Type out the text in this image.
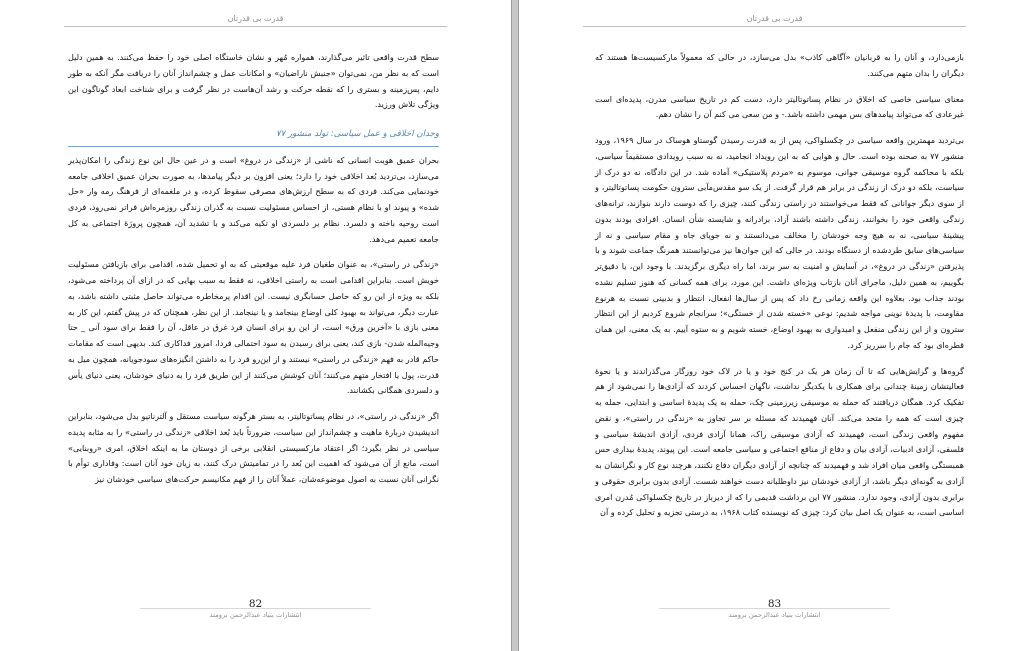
قدرت بی قدرتان

سطح قدرت واقعی تاثیر می‌گذارند، همواره مُهر و نشان خاستگاه اصلی خود را حفظ می‌کنند. به همین دلیل است که به نظر من، نمی‌توان «جنبش ناراضیان» و امکانات عمل و چشم‌انداز آنان را دریافت مگر آنکه به طور دایم، پس‌زمینه و بستری را که نقطه حرکت و رشد آن‌هاست در نظر گرفت و برای شناخت ابعاد گوناگون این ویژگی تلاش ورزید.

وجدان اخلاقی و عمل سیاسی: تولد منشور ۷۷

بحران عمیق هویت انسانی که ناشی از «زندگی در دروغ» است و در عین حال این نوع زندگی را امکان‌پذیر می‌سازد، بی‌تردید بُعد اخلاقی خود را دارد؛ یعنی افزون بر دیگر پیامدها، به صورت بحران عمیق اخلاقی جامعه خودنمایی می‌کند. فردی که به سطح ارزش‌های مصرفی سقوط کرده، و در ملغمه‌ای از فرهنگ رمه وار «حل شده» و پیوند او با نظام هستی، از احساس مسئولیت نسبت به گذران زندگی روزمره‌اش فراتر نمی‌رود، فردی است روحیه باخته و دلسرد. نظام بر دلسردی او تکیه می‌کند و با تشدید آن، همچون پروژۀ اجتماعی به کل جامعه تعمیم می‌دهد.

«زندگی در راستی»، به عنوان طغیان فرد علیه موقعیتی که به او تحمیل شده، اقدامی برای بازیافتن مسئولیت خویش است. بنابراین اقدامی است به راستی اخلاقی، نه فقط به سبب بهایی که در ازای آن پرداخته می‌شود، بلکه به ویژه از این رو که حاصل حسابگری نیست. این اقدام پرمخاطره می‌تواند حاصل مثبتی داشته باشد، به عبارت دیگر، می‌تواند به بهبود کلی اوضاع بینجامد و یا نینجامد. از این نظر، همچنان که در پیش گفتم، این کار به معنی بازی با «آخرین ورق» است، از این رو برای انسان فرد غرق در عاقل، آن را فقط برای سود آنی _ حتا وجیه‌المله شدن- بازی کند، یعنی برای رسیدن به سود احتمالی فردا، امروز فداکاری کند. بدیهی است که مقامات حاکم قادر به فهم «زندگی در راستی» نیستند و از این‌رو فرد را به داشتن انگیزه‌های سودجویانه، همچون میل به قدرت، پول یا افتخار متهم می‌کنند؛ آنان کوشش می‌کنند از این طریق فرد را به دنیای خودشان، یعنی دنیای یأس و دلسردی همگانی بکشانند.

اگر «زندگی در راستی»، در نظام پساتوتالیتر، به بستر هرگونه سیاست مستقل و آلترناتیو بدل می‌شود، بنابراین اندیشیدن دربارۀ ماهیت و چشم‌انداز این سیاست، ضرورتاً باید بُعد اخلاقی «زندگی در راستی» را به مثابه پدیده سیاسی در نظر بگیرد؛ اگر اعتقاد مارکسیستی انقلابی برخی از دوستان ما به اینکه اخلاق، امری «روبنایی» است، مانع از آن می‌شود که اهمیت این بُعد را در تمامیتش درک کنند، به زیان خود آنان است: وفاداری توأم با نگرانی آنان نسبت به اصول موضوعه‌شان، عملاً آنان را از فهم مکانیسم حرکت‌های سیاسی خودشان نیز

82
انتشارات بنیاد عبدالرحمن برومند
قدرت بی قدرتان

بازمی‌دارد، و آنان را به قربانیان «آگاهی کاذب» بدل می‌سازد، در حالی که معمولاً مارکسیست‌ها هستند که دیگران را بدان متهم می‌کنند.

معنای سیاسی خاصی که اخلاق در نظام پساتوتالیتر دارد، دست کم در تاریخ سیاسی مدرن، پدیده‌ای است غیرعادی که می‌تواند پیامدهای بس مهمی داشته باشد.- و من سعی می کنم آن را نشان دهم.

بی‌تردید مهمترین واقعه سیاسی در چکسلواکی، پس از به قدرت رسیدن گوستاو هوساک در سال ۱۹۶۹، ورود منشور ۷۷ به صحنه بوده است. حال و هوایی که به این رویداد انجامید، نه به سبب رویدادی مستقیماً سیاسی، بلکه با محاکمه گروه موسیقی جوانی، موسوم به «مردم پلاستیکی» آماده شد. در این دادگاه، نه دو درک از سیاست، بلکه دو درک از زندگی در برابر هم قرار گرفت. از یک سو مقدس‌مآبی سترون حکومت پساتوتالیتر، و از سوی دیگر جوانانی که فقط می‌خواستند در راستی زندگی کنند، چیزی را که دوست دارند بنوازند، ترانه‌های زندگی واقعی خود را بخوانند، زندگی داشته باشند آزاد، برادرانه و شایسته شأن انسان. افرادی بودند بدون پیشینۀ سیاسی، نه به هیچ وجه خودشان را مخالف می‌دانستند و نه جویای جاه و مقام سیاسی و نه از سیاسی‌های سابق طردشده از دستگاه بودند. در حالی که این جوان‌ها نیز می‌توانستند همرنگ جماعت شوند و با پذیرفتن «زندگی در دروغ»، در آسایش و امنیت به سر برند، اما راه دیگری برگزیدند. با وجود این، یا دقیق‌تر بگوییم، به همین دلیل، ماجرای آنان بازتاب ویژه‌ای داشت. این مورد، برای همه کسانی که هنوز تسلیم نشده بودند جذاب بود. بعلاوه این واقعه زمانی رخ داد که پس از سال‌ها انفعال، انتظار و بدبینی نسبت به هرنوع مقاومت، با پدیدۀ نوینی مواجه شدیم: نوعی «خسته شدن از خستگی»؛ سرانجام شروع کردیم از این انتظار سترون و از این زندگی منفعل و امیدواری به بهبود اوضاع، خسته شویم و به ستوه آییم. به یک معنی، این همان قطره‌ای بود که جام را سرریز کرد.

گروه‌ها و گرایش‌هایی که تا آن زمان هر یک در کنج خود و یا در لاک خود روزگار می‌گذراندند و یا نحوۀ فعالیتشان زمینۀ چندانی برای همکاری با یکدیگر نداشت، ناگهان احساس کردند که آزادی‌ها را نمی‌شود از هم تفکیک کرد. همگان دریافتند که حمله به موسیقی زیرزمینی چک، حمله به یک پدیدۀ اساسی و ابتدایی، حمله به چیزی است که همه را متحد می‌کند. آنان فهمیدند که مسئله بر سر تجاوز به «زندگی در راستی»، و نقض مفهوم واقعی زندگی است، فهمیدند که آزادی موسیقی راک، همانا آزادی فردی، آزادی اندیشۀ سیاسی و فلسفی، آزادی ادبیات، آزادی بیان و دفاع از منافع اجتماعی و سیاسی جامعه است. این پیوند، پدیدۀ بیداری حس همبستگی واقعی میان افراد شد و فهمیدند که چنانچه از آزادی دیگران دفاع نکنند، هرچند نوع کار و نگرانشان به آزادی به گونه‌ای دیگر باشد، از آزادی خودشان نیز داوطلبانه دست خواهند شست. آزادی بدون برابری حقوقی و برابری بدون آزادی، وجود ندارد. منشور ۷۷ این برداشت قدیمی را که از دیرباز در تاریخ چکسلواکی مُدرن امری اساسی است، به عنوان یک اصل بیان کرد: چیزی که نویسنده کتاب ۱۹۶۸، به درستی تجزیه و تحلیل کرده و آن

83
انتشارات بنیاد عبدالرحمن برومند
